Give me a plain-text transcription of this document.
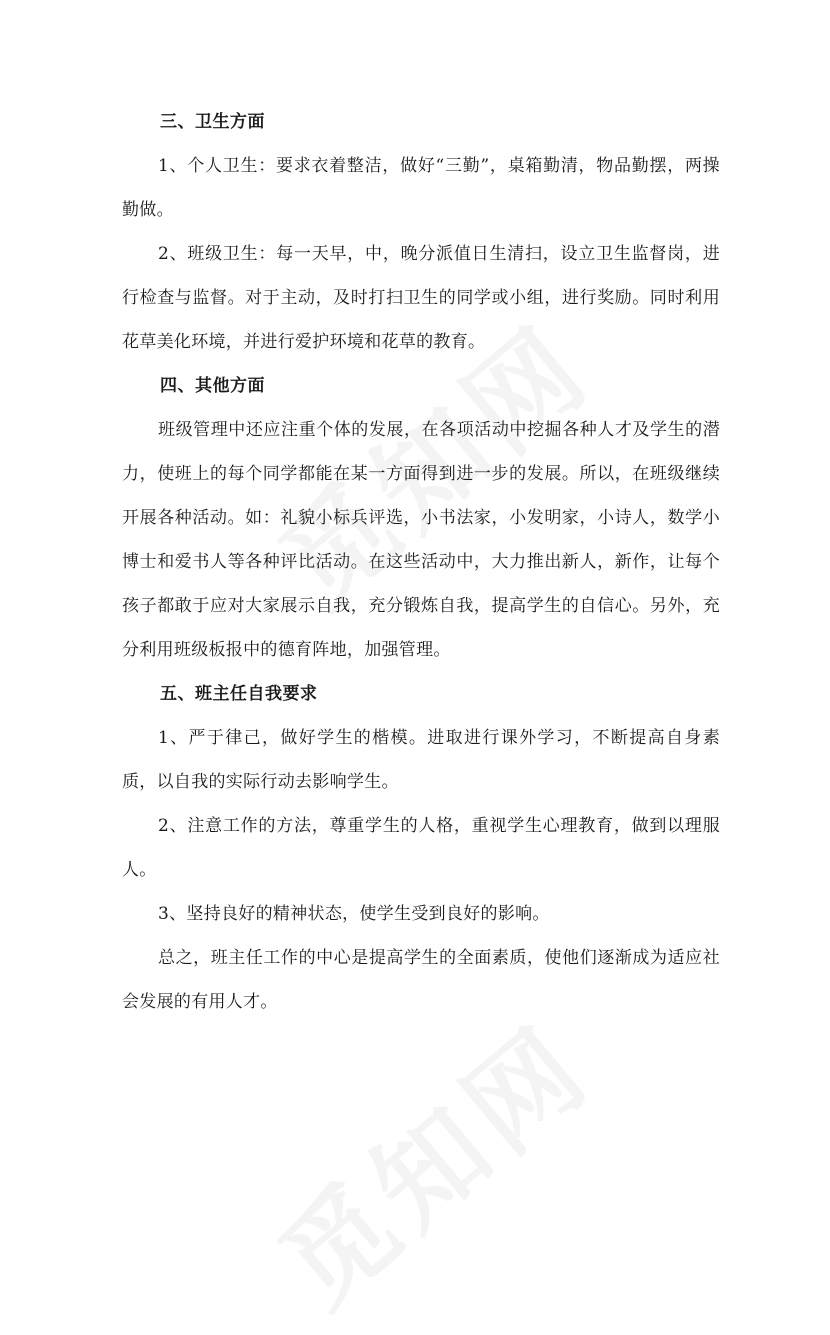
三、卫生方面
1、个人卫生：要求衣着整洁，做好“三勤”，桌箱勤清，物品勤摆，两操勤做。
2、班级卫生：每一天早，中，晚分派值日生清扫，设立卫生监督岗，进行检查与监督。对于主动，及时打扫卫生的同学或小组，进行奖励。同时利用花草美化环境，并进行爱护环境和花草的教育。
四、其他方面
班级管理中还应注重个体的发展，在各项活动中挖掘各种人才及学生的潜力，使班上的每个同学都能在某一方面得到进一步的发展。所以，在班级继续开展各种活动。如：礼貌小标兵评选，小书法家，小发明家，小诗人，数学小博士和爱书人等各种评比活动。在这些活动中，大力推出新人，新作，让每个孩子都敢于应对大家展示自我，充分锻炼自我，提高学生的自信心。另外，充分利用班级板报中的德育阵地，加强管理。
五、班主任自我要求
1、严于律己，做好学生的楷模。进取进行课外学习，不断提高自身素质，以自我的实际行动去影响学生。
2、注意工作的方法，尊重学生的人格，重视学生心理教育，做到以理服人。
3、坚持良好的精神状态，使学生受到良好的影响。
总之，班主任工作的中心是提高学生的全面素质，使他们逐渐成为适应社会发展的有用人才。
